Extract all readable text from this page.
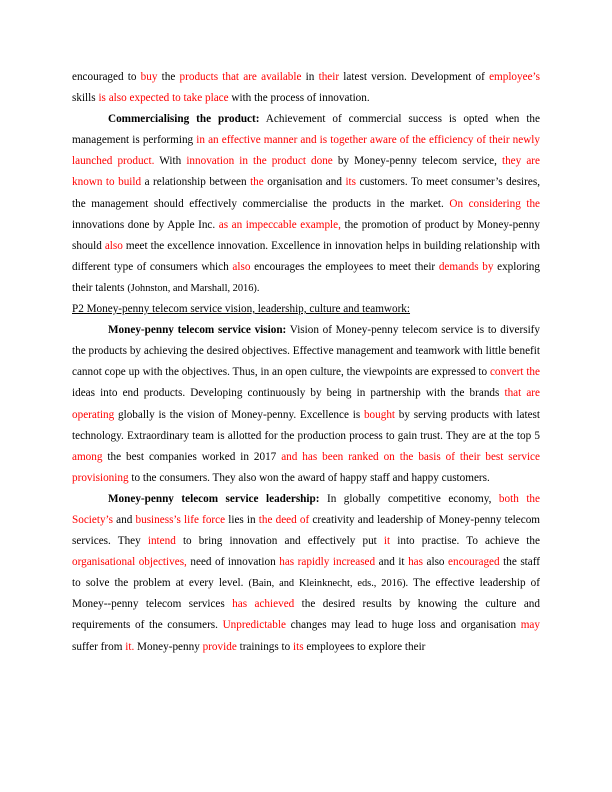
encouraged to buy the products that are available in their latest version. Development of employee’s skills is also expected to take place with the process of innovation.

Commercialising the product: Achievement of commercial success is opted when the management is performing in an effective manner and is together aware of the efficiency of their newly launched product. With innovation in the product done by Money-penny telecom service, they are known to build a relationship between the organisation and its customers. To meet consumer’s desires, the management should effectively commercialise the products in the market. On considering the innovations done by Apple Inc. as an impeccable example, the promotion of product by Money-penny should also meet the excellence innovation. Excellence in innovation helps in building relationship with different type of consumers which also encourages the employees to meet their demands by exploring their talents (Johnston, and Marshall, 2016).

P2 Money-penny telecom service vision, leadership, culture and teamwork:

Money-penny telecom service vision: Vision of Money-penny telecom service is to diversify the products by achieving the desired objectives. Effective management and teamwork with little benefit cannot cope up with the objectives. Thus, in an open culture, the viewpoints are expressed to convert the ideas into end products. Developing continuously by being in partnership with the brands that are operating globally is the vision of Money-penny. Excellence is bought by serving products with latest technology. Extraordinary team is allotted for the production process to gain trust. They are at the top 5 among the best companies worked in 2017 and has been ranked on the basis of their best service provisioning to the consumers. They also won the award of happy staff and happy customers.

Money-penny telecom service leadership: In globally competitive economy, both the Society’s and business’s life force lies in the deed of creativity and leadership of Money-penny telecom services. They intend to bring innovation and effectively put it into practise. To achieve the organisational objectives, need of innovation has rapidly increased and it has also encouraged the staff to solve the problem at every level. (Bain, and Kleinknecht, eds., 2016). The effective leadership of Money--penny telecom services has achieved the desired results by knowing the culture and requirements of the consumers. Unpredictable changes may lead to huge loss and organisation may suffer from it. Money-penny provide trainings to its employees to explore their
